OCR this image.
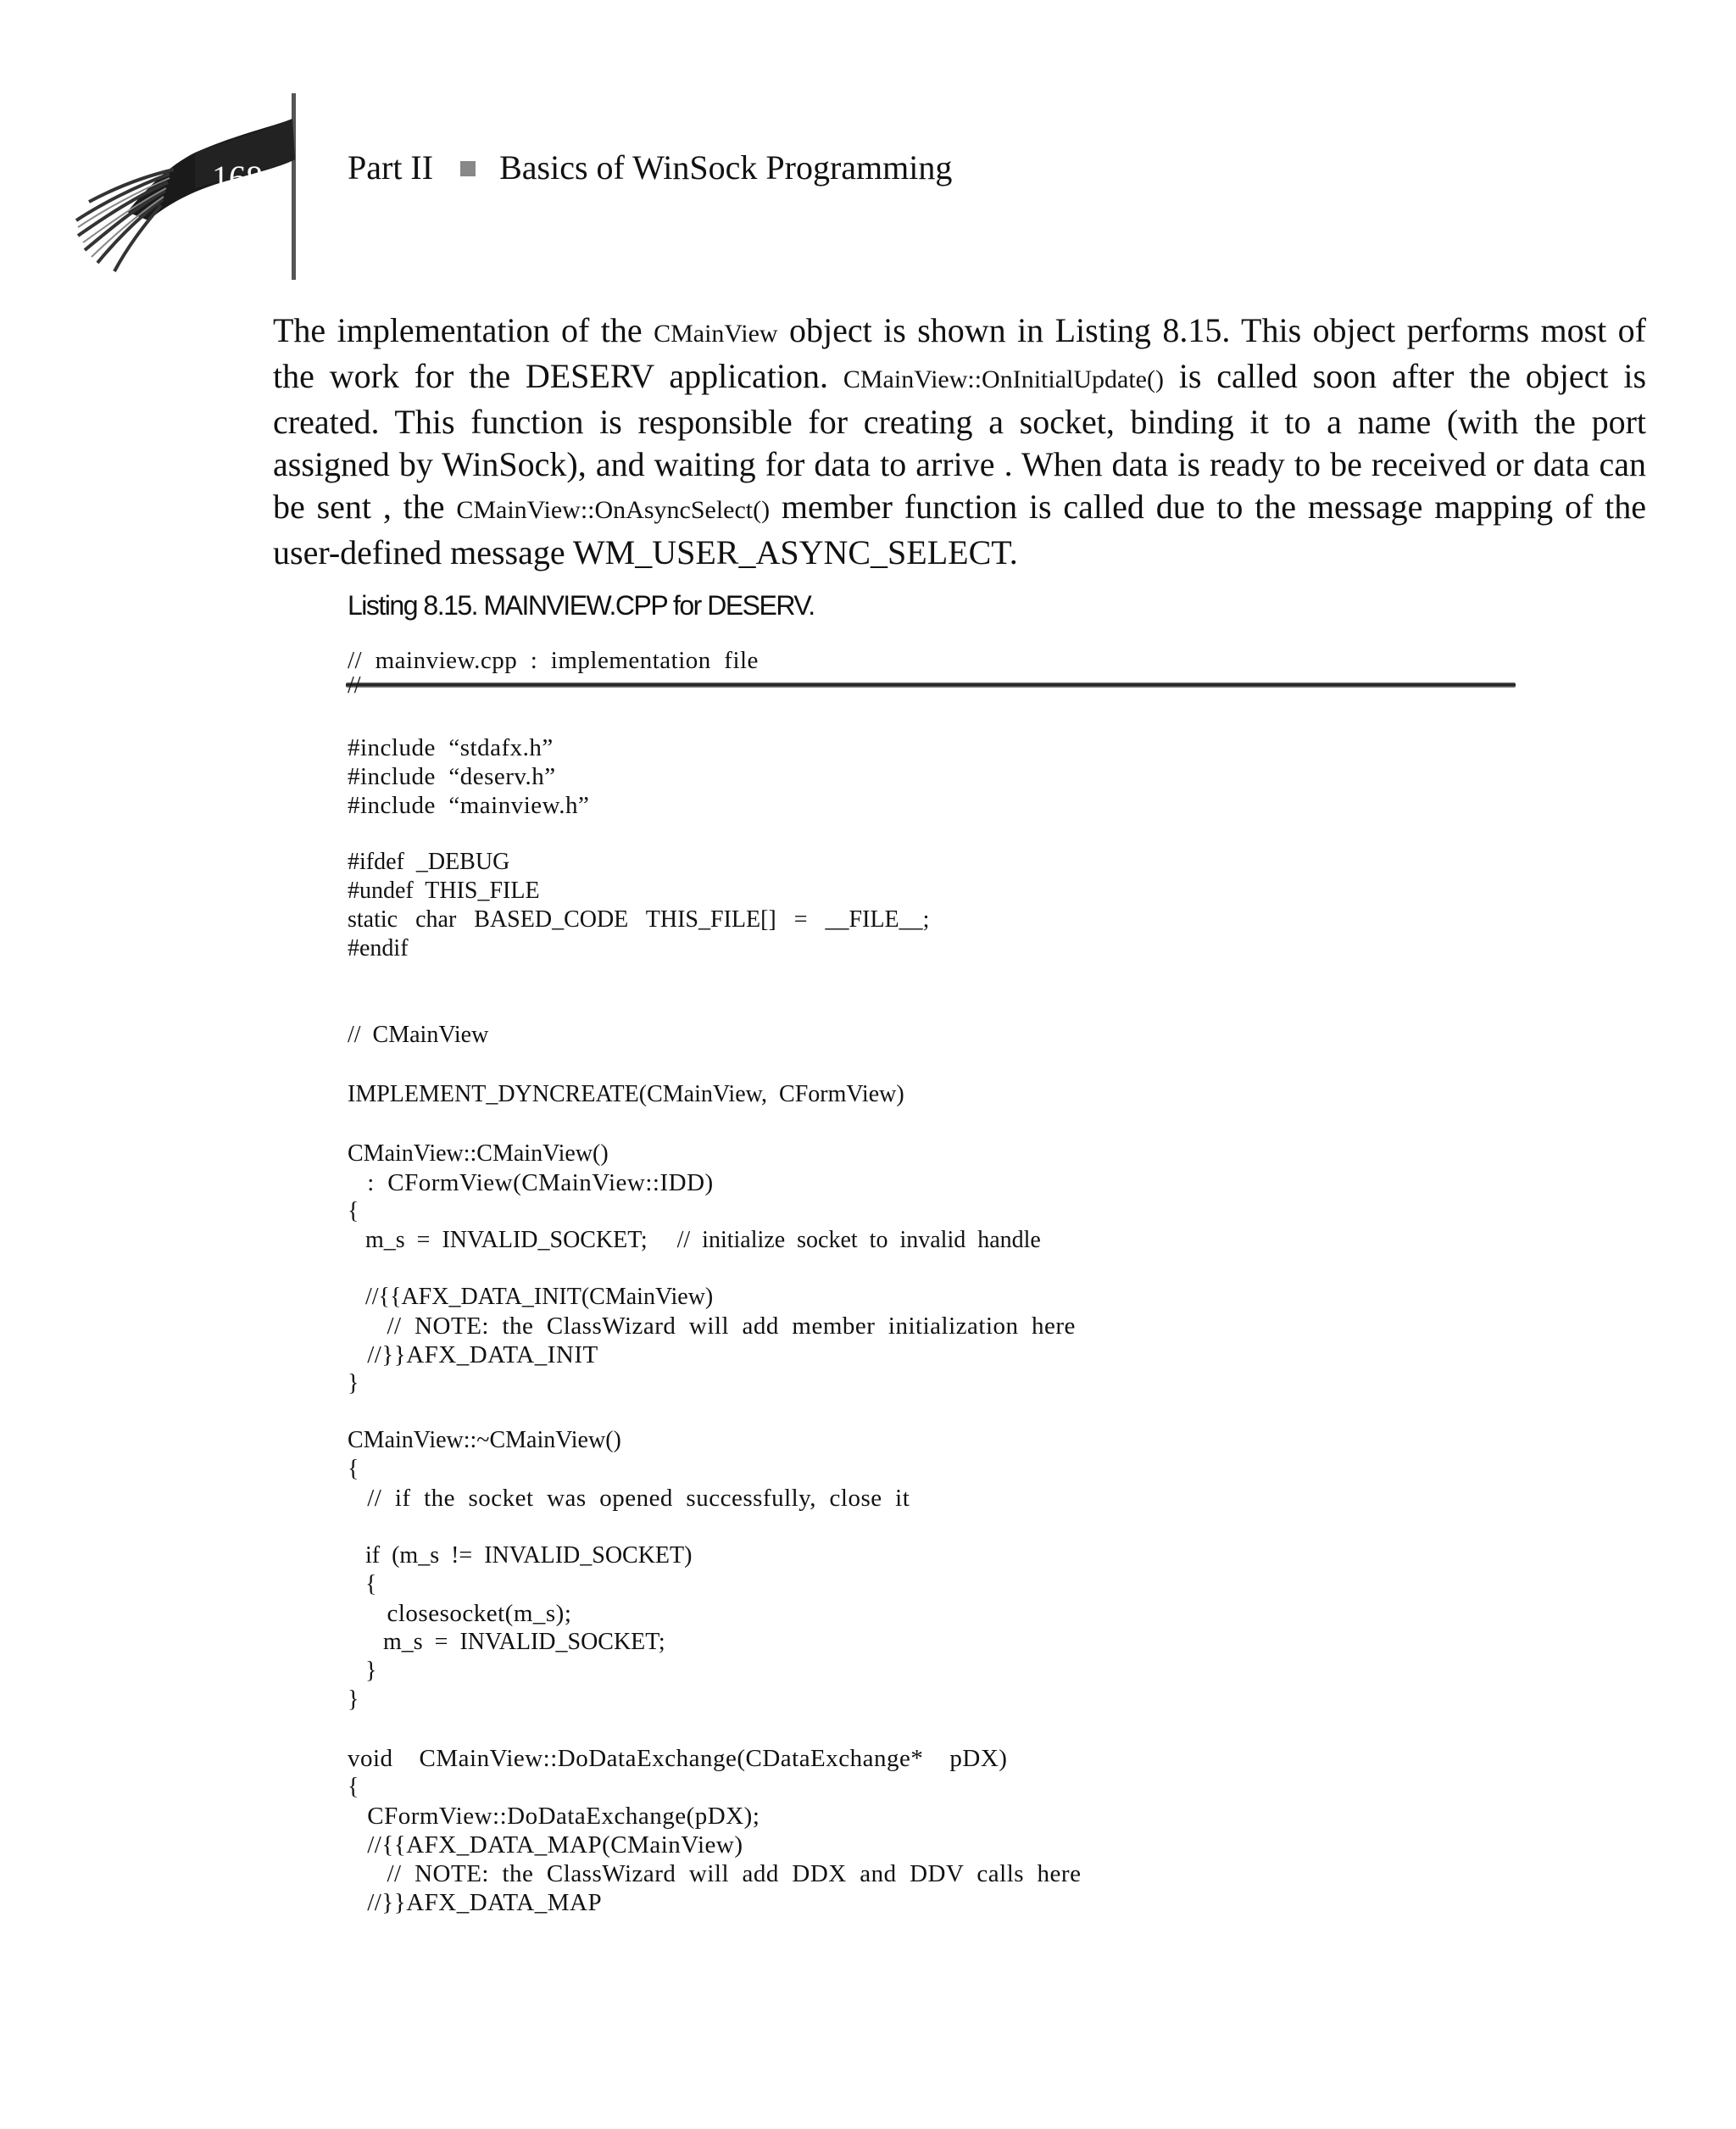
168	Part II Basics of WinSock Programming

The implementation of the CMainView object is shown in Listing 8.15. This object performs most of the work for the DESERV application. CMainView::OnInitialUpdate() is called soon after the object is created. This function is responsible for creating a socket, binding it to a name (with the port assigned by WinSock), and waiting for data to arrive . When data is ready to be received or data can be sent , the CMainView::OnAsyncSelect() member function is called due to the message mapping of the user-defined message WM_USER_ASYNC_SELECT.

Listing 8.15. MAINVIEW.CPP for DESERV.
//  mainview.cpp  :  implementation  file
//
#include  “stdafx.h”
#include  “deserv.h”
#include  “mainview.h”
#ifdef  _DEBUG
#undef  THIS_FILE
static   char   BASED_CODE   THIS_FILE[]   =   __FILE__;
#endif
//  CMainView
IMPLEMENT_DYNCREATE(CMainView,  CFormView)
CMainView::CMainView()
:  CFormView(CMainView::IDD)
{
m_s  =  INVALID_SOCKET;     //  initialize  socket  to  invalid  handle
//{{AFX_DATA_INIT(CMainView)
//  NOTE:  the  ClassWizard  will  add  member  initialization  here
//}}AFX_DATA_INIT
}
CMainView::~CMainView()
{
//  if  the  socket  was  opened  successfully,  close  it
if  (m_s  !=  INVALID_SOCKET)
{
closesocket(m_s);
m_s  =  INVALID_SOCKET;
}
}
void    CMainView::DoDataExchange(CDataExchange*    pDX)
{
CFormView::DoDataExchange(pDX);
//{{AFX_DATA_MAP(CMainView)
//  NOTE:  the  ClassWizard  will  add  DDX  and  DDV  calls  here
//}}AFX_DATA_MAP
